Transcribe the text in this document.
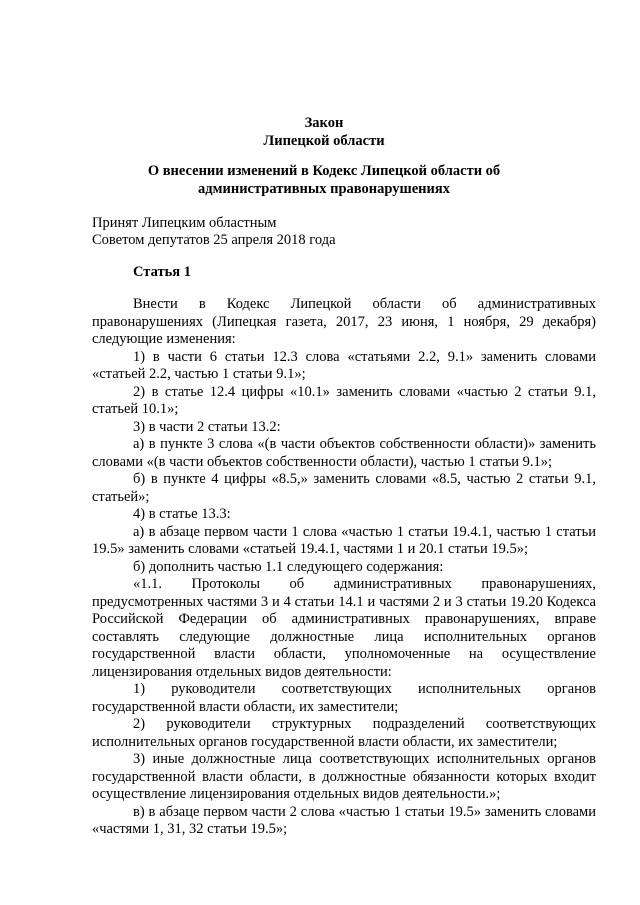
Закон
Липецкой области
О внесении изменений в Кодекс Липецкой области об
административных правонарушениях
Принят Липецким областным
Советом депутатов 25 апреля 2018 года
Статья 1

Внести в Кодекс Липецкой области об административных правонарушениях (Липецкая газета, 2017, 23 июня, 1 ноября, 29 декабря) следующие изменения:

1) в части 6 статьи 12.3 слова «статьями 2.2, 9.1» заменить словами «статьей 2.2, частью 1 статьи 9.1»;

2) в статье 12.4 цифры «10.1» заменить словами «частью 2 статьи 9.1, статьей 10.1»;

3) в части 2 статьи 13.2:

а) в пункте 3 слова «(в части объектов собственности области)» заменить словами «(в части объектов собственности области), частью 1 статьи 9.1»;

б) в пункте 4 цифры «8.5,» заменить словами «8.5, частью 2 статьи 9.1, статьей»;

4) в статье 13.3:

а) в абзаце первом части 1 слова «частью 1 статьи 19.4.1, частью 1 статьи 19.5» заменить словами «статьей 19.4.1, частями 1 и 20.1 статьи 19.5»;

б) дополнить частью 1.1 следующего содержания:

«1.1. Протоколы об административных правонарушениях, предусмотренных частями 3 и 4 статьи 14.1 и частями 2 и 3 статьи 19.20 Кодекса Российской Федерации об административных правонарушениях, вправе составлять следующие должностные лица исполнительных органов государственной власти области, уполномоченные на осуществление лицензирования отдельных видов деятельности:

1) руководители соответствующих исполнительных органов государственной власти области, их заместители;

2) руководители структурных подразделений соответствующих исполнительных органов государственной власти области, их заместители;

3) иные должностные лица соответствующих исполнительных органов государственной власти области, в должностные обязанности которых входит осуществление лицензирования отдельных видов деятельности.»;

в) в абзаце первом части 2 слова «частью 1 статьи 19.5» заменить словами «частями 1, 31, 32 статьи 19.5»;
